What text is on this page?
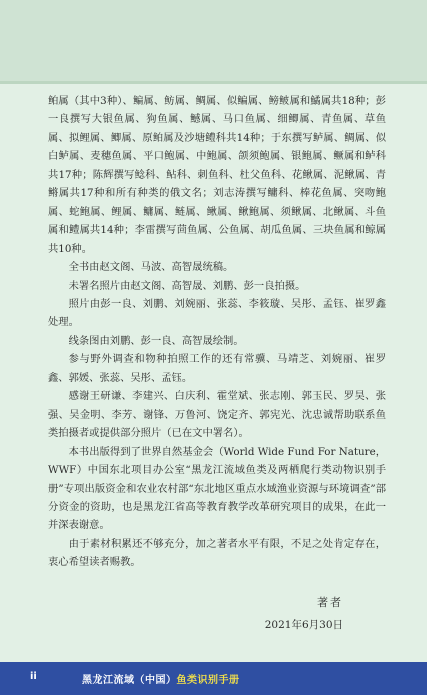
鲌属（其中3种）、鳊属、鲂属、鲷属、似鳊属、鳑鲏属和鱊属共18种；彭一良撰写大银鱼属、狗鱼属、鳡属、马口鱼属、细鲫属、青鱼属、草鱼属、拟鲤属、鲫属、原鲌属及沙塘鳢科共14种；于东撰写鲈属、鲷属、似白鲈属、麦穗鱼属、平口鲍属、中鲍属、颌须鲍属、银鲍属、鳜属和鲈科共17种；陈辉撰写鲶科、鲇科、刺鱼科、杜父鱼科、花鳅属、泥鳅属、青鳉属共17种和所有种类的俄文名；刘志涛撰写鳙科、棒花鱼属、突吻鲍属、蛇鲍属、鲤属、鳙属、鲢属、鳅属、鳅鲍属、须鳅属、北鳅属、斗鱼属和鳢属共14种；李雷撰写茴鱼属、公鱼属、胡瓜鱼属、三块鱼属和鲸属共10种。

全书由赵文阁、马波、高智晟统稿。

未署名照片由赵文阁、高智晟、刘鹏、彭一良拍摄。

照片由彭一良、刘鹏、刘婉丽、张蕊、李筱璇、吴彤、孟钰、崔罗鑫处理。

线条图由刘鹏、彭一良、高智晟绘制。

参与野外调查和物种拍照工作的还有常骥、马靖芝、刘婉丽、崔罗鑫、郭媛、张蕊、吴彤、孟钰。

感谢王研谦、李建兴、白庆利、霍堂斌、张志刚、郭玉民、罗昊、张强、吴金明、李芳、谢锋、万鲁河、饶定齐、郭宪光、沈忠诚帮助联系鱼类拍摄者或提供部分照片（已在文中署名）。

本书出版得到了世界自然基金会（World Wide Fund For Nature，WWF）中国东北项目办公室“黑龙江流域鱼类及两栖爬行类动物识别手册”专项出版资金和农业农村部“东北地区重点水域渔业资源与环境调查”部分资金的资助，也是黑龙江省高等教育教学改革研究项目的成果，在此一并深表谢意。

由于素材积累还不够充分，加之著者水平有限，不足之处肯定存在，衷心希望读者赐教。

著者
2021年6月30日
ii	黑龙江流域（中国）鱼类识别手册
